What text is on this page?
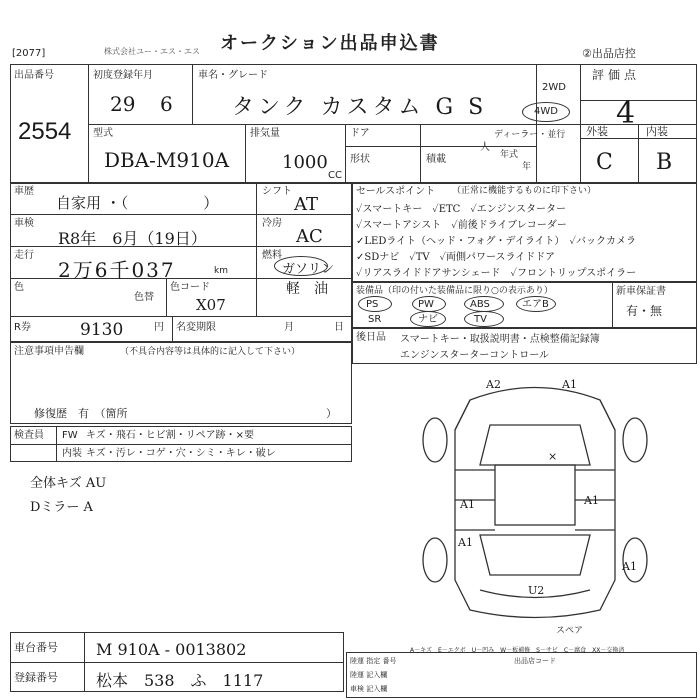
[2077]	株式会社ユー・エス・エス オークション出品申込書	②出品店控
出品番号
2554
初度登録年月
29 6
車名・グレード
タンク カスタム G S
2WD
4WD
評価点
4
型式
DBA-M910A
排気量
1000
CC
ドア
形状	積載
人
ディーラー・並行
年式
年
外装	内装
C B
車歴
自家用 ・（　　　　　）
シフト
AT
車検
R8年　6月（19日）
冷房
AC
走行
2万6千037	km
燃料
ガソリン
軽　油
色
色替
色コード
X07
R券	9130	円 名変期限	月	日
セールスポイント （正常に機能するものに印下さい）
✓スマートキー　✓ETC　✓エンジンスターター
✓スマートアシスト　✓前後ドライブレコーダー
✓LEDライト（ヘッド・フォグ・デイライト）　✓バックカメラ
✓SDナビ　✓TV　✓両側パワースライドドア
✓リアスライドドアサンシェード　✓フロントリップスポイラー
装備品（印の付いた装備品に限り○の表示あり）
PS	PW	ABS	エアB
SR	ナビ	TV
新車保証書
有・無
後日品 スマートキー・取扱説明書・点検整備記録簿
エンジンスターターコントロール
注意事項申告欄	（不具合内容等は具体的に記入して下さい）
修復歴　有　（箇所	）
検査員 FW キズ・飛石・ヒビ割・リペア跡・×要
内装 キズ・汚レ・コゲ・穴・シミ・キレ・破レ
全体キズ AU
Dミラー A
A2	A1
A1	A1
A1
U2
A1
×
スペア
車台番号 M 910A - 0013802
登録番号 松本　538　ふ　1117
A－キズ　E－エクボ　U－凹み　W－板補修　S－サビ　C－腐食　XX－交換済
出品店コード
陸運 指定 番号
陸運 記入欄
車検 記入欄
